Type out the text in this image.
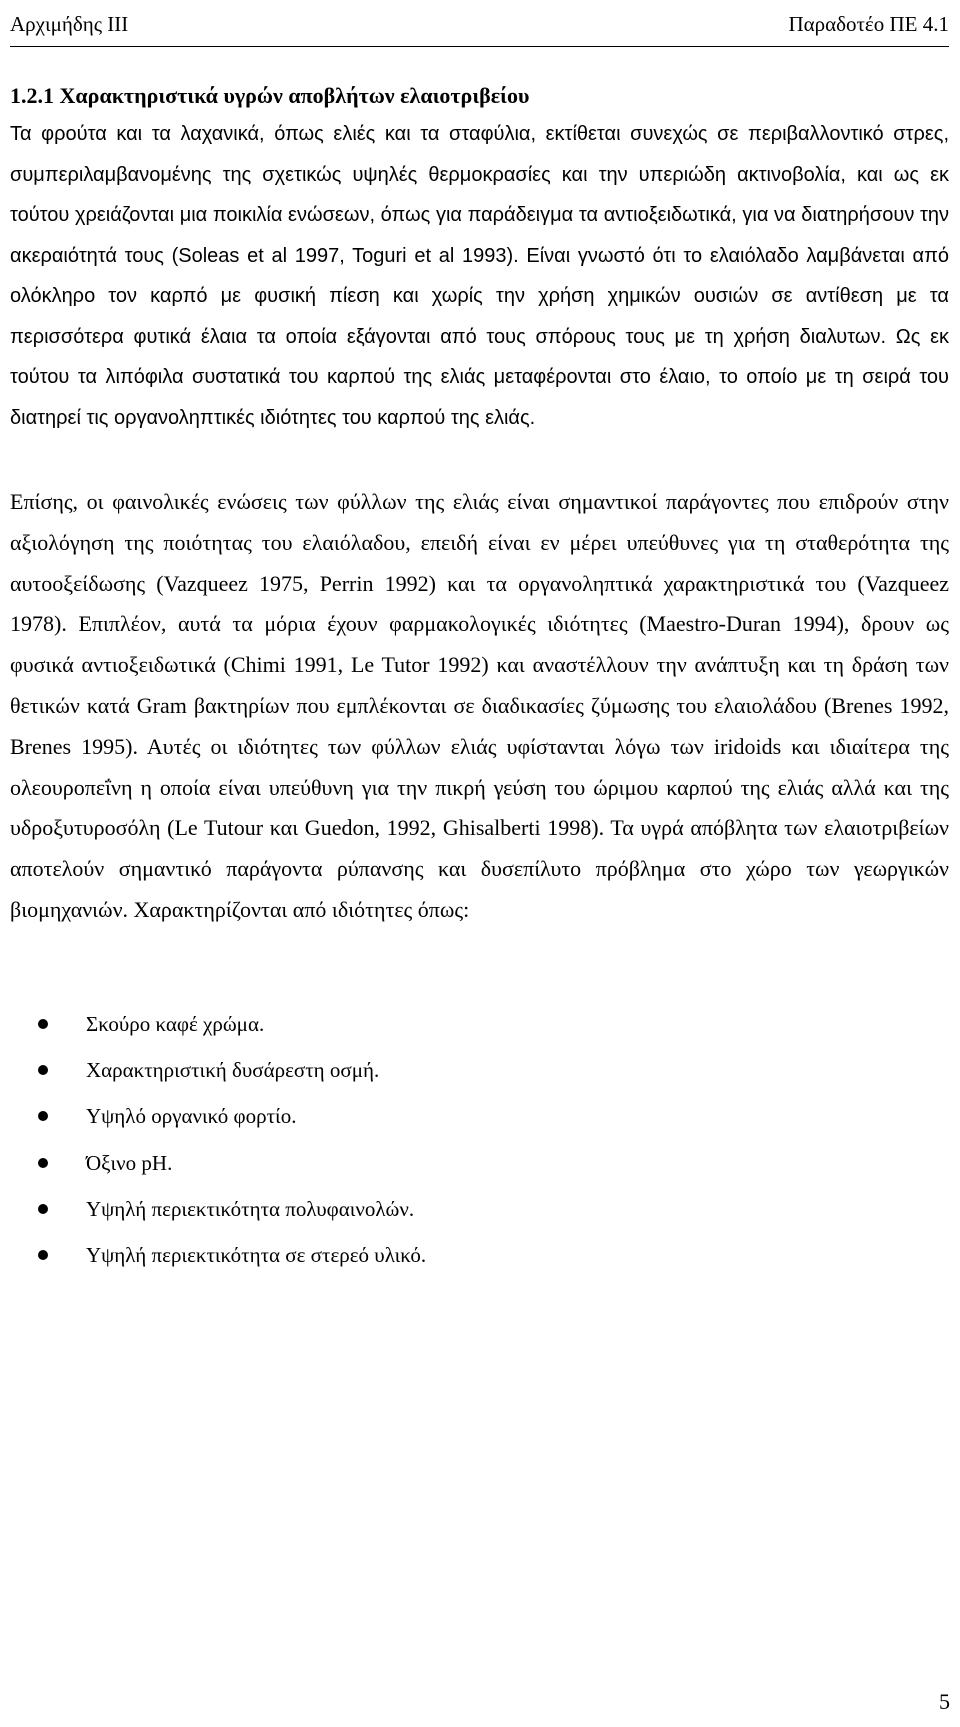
Αρχιμήδης ΙΙΙ	Παραδοτέο ΠΕ 4.1
1.2.1 Χαρακτηριστικά υγρών αποβλήτων ελαιοτριβείου

Τα φρούτα και τα λαχανικά, όπως ελιές και τα σταφύλια, εκτίθεται συνεχώς σε περιβαλλοντικό στρες, συμπεριλαμβανομένης της σχετικώς υψηλές θερμοκρασίες και την υπεριώδη ακτινοβολία, και ως εκ τούτου χρειάζονται μια ποικιλία ενώσεων, όπως για παράδειγμα τα αντιοξειδωτικά, για να διατηρήσουν την ακεραιότητά τους (Soleas et al 1997, Toguri et al 1993). Είναι γνωστό ότι το ελαιόλαδο λαμβάνεται από ολόκληρο τον καρπό με φυσική πίεση και χωρίς την χρήση χημικών ουσιών σε αντίθεση με τα περισσότερα φυτικά έλαια τα οποία εξάγονται από τους σπόρους τους με τη χρήση διαλυτων. Ως εκ τούτου τα λιπόφιλα συστατικά του καρπού της ελιάς μεταφέρονται στο έλαιο, το οποίο με τη σειρά του διατηρεί τις οργανοληπτικές ιδιότητες του καρπού της ελιάς.

Επίσης, οι φαινολικές ενώσεις των φύλλων της ελιάς είναι σημαντικοί παράγοντες που επιδρούν στην αξιολόγηση της ποιότητας του ελαιόλαδου, επειδή είναι εν μέρει υπεύθυνες για τη σταθερότητα της αυτοοξείδωσης (Vazqueez 1975, Perrin 1992) και τα οργανοληπτικά χαρακτηριστικά του (Vazqueez 1978). Επιπλέον, αυτά τα μόρια έχουν φαρμακολογικές ιδιότητες (Maestro-Duran 1994), δρουν ως φυσικά αντιοξειδωτικά (Chimi 1991, Le Tutor 1992) και αναστέλλουν την ανάπτυξη και τη δράση των θετικών κατά Gram βακτηρίων που εμπλέκονται σε διαδικασίες ζύμωσης του ελαιολάδου (Brenes 1992, Brenes 1995). Αυτές οι ιδιότητες των φύλλων ελιάς υφίστανται λόγω των iridoids και ιδιαίτερα της ολεουροπεΐνη η οποία είναι υπεύθυνη για την πικρή γεύση του ώριμου καρπού της ελιάς αλλά και της υδροξυτυροσόλη (Le Tutour και Guedon, 1992, Ghisalberti 1998). Τα υγρά απόβλητα των ελαιοτριβείων αποτελούν σημαντικό παράγοντα ρύπανσης και δυσεπίλυτο πρόβλημα στο χώρο των γεωργικών βιομηχανιών. Χαρακτηρίζονται από ιδιότητες όπως:

Σκούρο καφέ χρώμα.
Χαρακτηριστική δυσάρεστη οσμή.
Υψηλό οργανικό φορτίο.
Όξινο pH.
Υψηλή περιεκτικότητα πολυφαινολών.
Υψηλή περιεκτικότητα σε στερεό υλικό.
5
